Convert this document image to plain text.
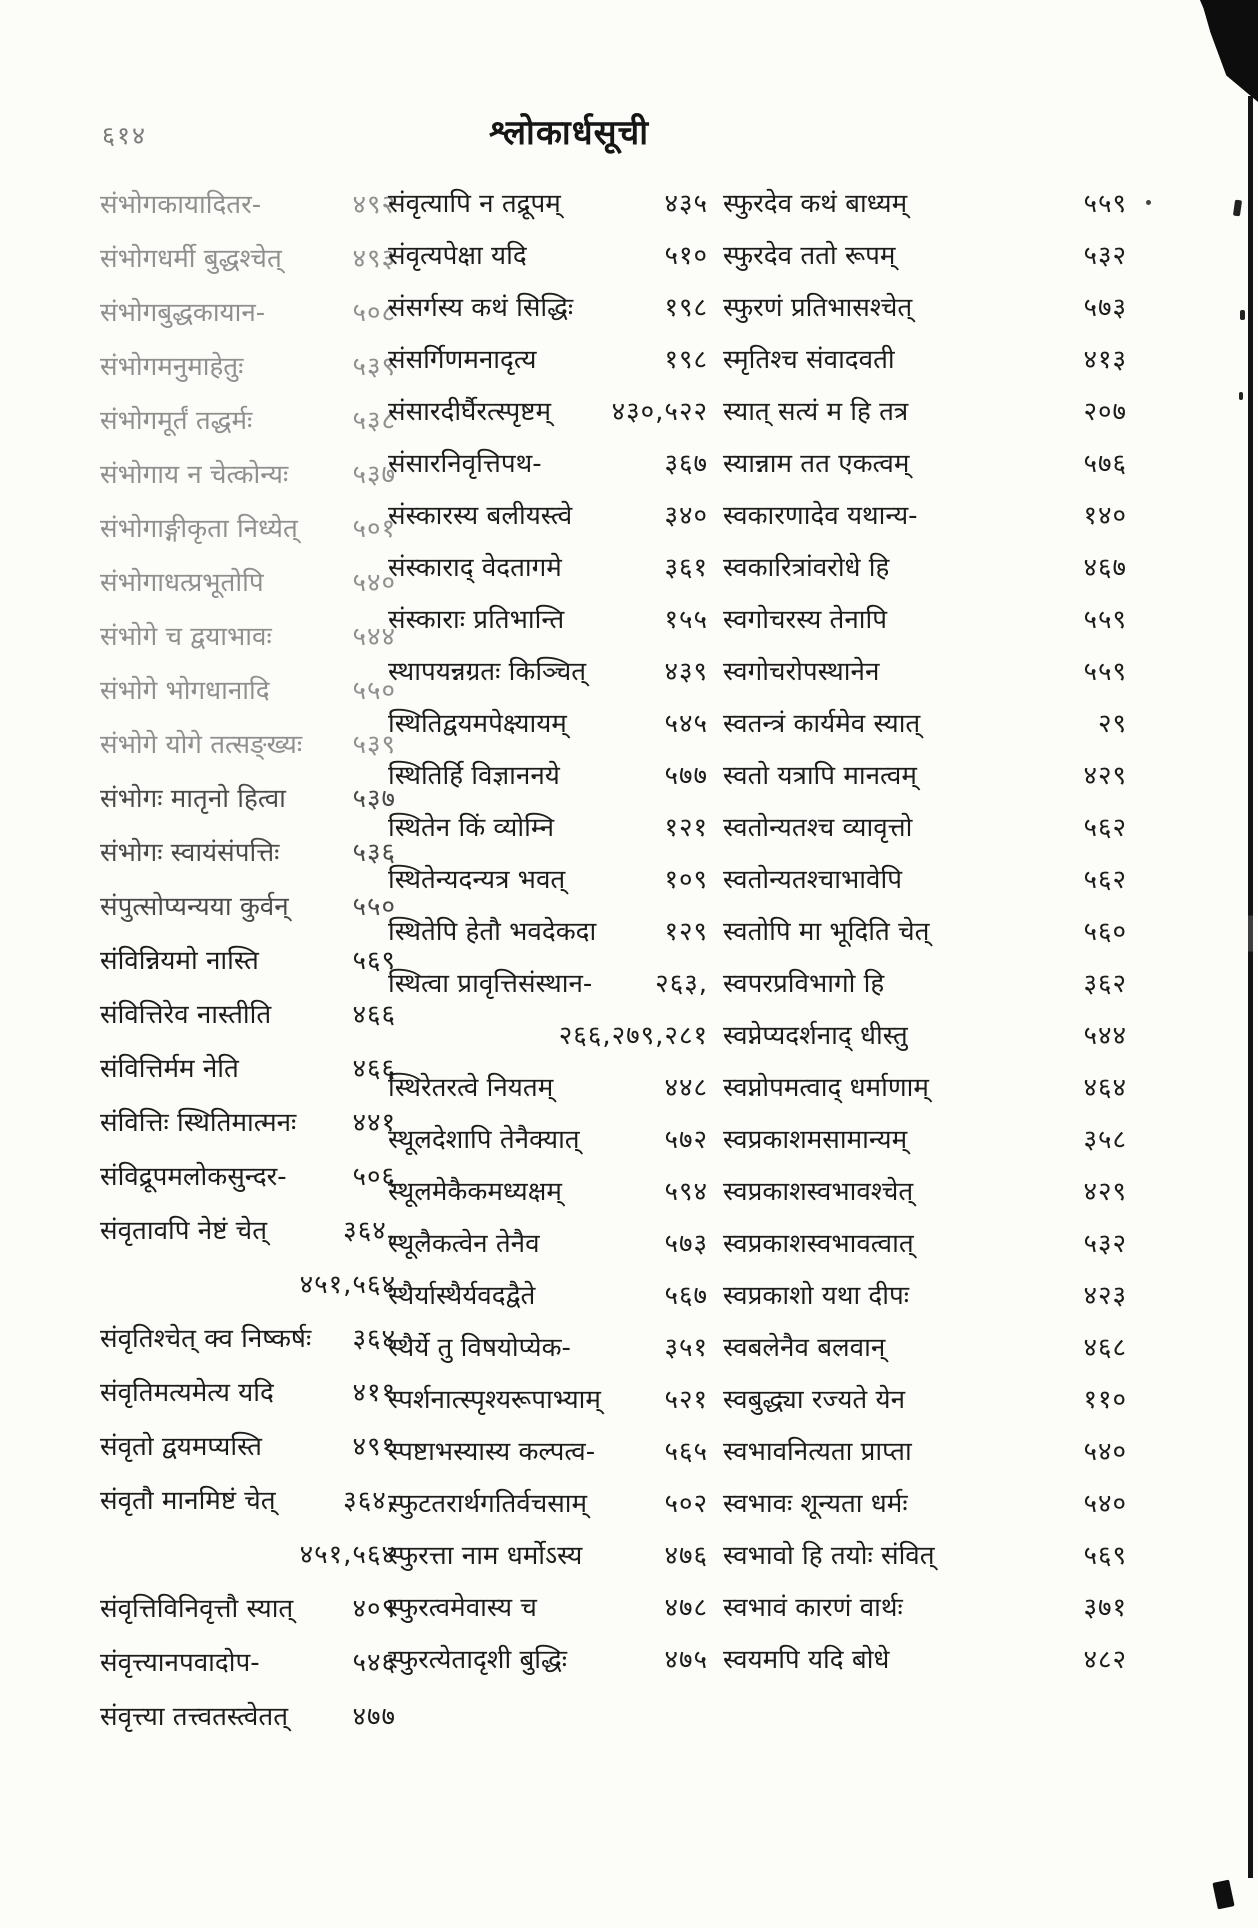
६१४	श्लोकार्धसूची
संभोगकायादितर-	४९२
संभोगधर्मी बुद्धश्चेत्	४९३
संभोगबुद्धकायान-	५०८
संभोगमनुमाहेतुः	५३९
संभोगमूर्तं तद्धर्मः	५३८
संभोगाय न चेत्कोन्यः ५३७
संभोगाङ्गीकृता निध्येत् ५०१
संभोगाधत्प्रभूतोपि	५४०
संभोगे च द्वयाभावः	५४४
संभोगे भोगधानादि	५५०
संभोगे योगे तत्सङ्ख्यः ५३९
संभोगः मातृनो हित्वा	५३७
संभोगः स्वायंसंपत्तिः	५३६
संपुत्सोप्यन्यया कुर्वन् ५५०
संविन्नियमो नास्ति	५६९
संवित्तिरेव नास्तीति	४६६
संवित्तिर्मम नेति	४६६
संवित्तिः स्थितिमात्मनः ४४१
संविद्रूपमलोकसुन्दर-	५०६
संवृतावपि नेष्टं चेत्	३६४,
४५१,५६४
संवृतिश्चेत् क्व निष्कर्षः ३६४
संवृतिमत्यमेत्य यदि	४११
संवृतो द्वयमप्यस्ति	४९१
संवृतौ मानमिष्टं चेत्	३६४,
४५१,५६४
संवृत्तिविनिवृत्तौ स्यात् ४०९
संवृत्त्यानपवादोप-	५४६
संवृत्त्या तत्त्वतस्त्वेतत् ४७७
संवृत्यापि न तद्रूपम्	४३५
संवृत्यपेक्षा यदि	५१०
संसर्गस्य कथं सिद्धिः	१९८
संसर्गिणमनादृत्य	१९८
संसारदीर्घैरत्स्पृष्टम् ४३०,५२२
संसारनिवृत्तिपथ-	३६७
संस्कारस्य बलीयस्त्वे	३४०
संस्काराद् वेदतागमे	३६१
संस्काराः प्रतिभान्ति	१५५
स्थापयन्नग्रतः किञ्चित्	४३९
स्थितिद्वयमपेक्ष्यायम्	५४५
स्थितिर्हि विज्ञाननये	५७७
स्थितेन किं व्योम्नि	१२१
स्थितेन्यदन्यत्र भवत्	१०९
स्थितेपि हेतौ भवदेकदा	१२९
स्थित्वा प्रावृत्तिसंस्थान- २६३,
२६६,२७९,२८१
स्थिरेतरत्वे नियतम्	४४८
स्थूलदेशापि तेनैक्यात्	५७२
स्थूलमेकैकमध्यक्षम्	५९४
स्थूलैकत्वेन तेनैव	५७३
स्थैर्यास्थैर्यवदद्वैते	५६७
स्थैर्ये तु विषयोप्येक-	३५१
स्पर्शनात्स्पृश्यरूपाभ्याम् ५२१
स्पष्टाभस्यास्य कल्पत्व-	५६५
स्फुटतरार्थगतिर्वचसाम्	५०२
स्फुरत्ता नाम धर्मोऽस्य	४७६
स्फुरत्वमेवास्य च	४७८
स्फुरत्येतादृशी बुद्धिः	४७५
स्फुरदेव कथं बाध्यम्	५५९
स्फुरदेव ततो रूपम्	५३२
स्फुरणं प्रतिभासश्चेत्	५७३
स्मृतिश्च संवादवती	४१३
स्यात् सत्यं म हि तत्र	२०७
स्यान्नाम तत एकत्वम्	५७६
स्वकारणादेव यथान्य-	१४०
स्वकारित्रांवरोधे हि	४६७
स्वगोचरस्य तेनापि	५५९
स्वगोचरोपस्थानेन	५५९
स्वतन्त्रं कार्यमेव स्यात्	२९
स्वतो यत्रापि मानत्वम्	४२९
स्वतोन्यतश्च व्यावृत्तो	५६२
स्वतोन्यतश्चाभावेपि	५६२
स्वतोपि मा भूदिति चेत्	५६०
स्वपरप्रविभागो हि	३६२
स्वप्नेप्यदर्शनाद् धीस्तु	५४४
स्वप्नोपमत्वाद् धर्माणाम्	४६४
स्वप्रकाशमसामान्यम्	३५८
स्वप्रकाशस्वभावश्चेत्	४२९
स्वप्रकाशस्वभावत्वात्	५३२
स्वप्रकाशो यथा दीपः	४२३
स्वबलेनैव बलवान्	४६८
स्वबुद्ध्या रज्यते येन	११०
स्वभावनित्यता प्राप्ता	५४०
स्वभावः शून्यता धर्मः	५४०
स्वभावो हि तयोः संवित्	५६९
स्वभावं कारणं वार्थः	३७१
स्वयमपि यदि बोधे	४८२
